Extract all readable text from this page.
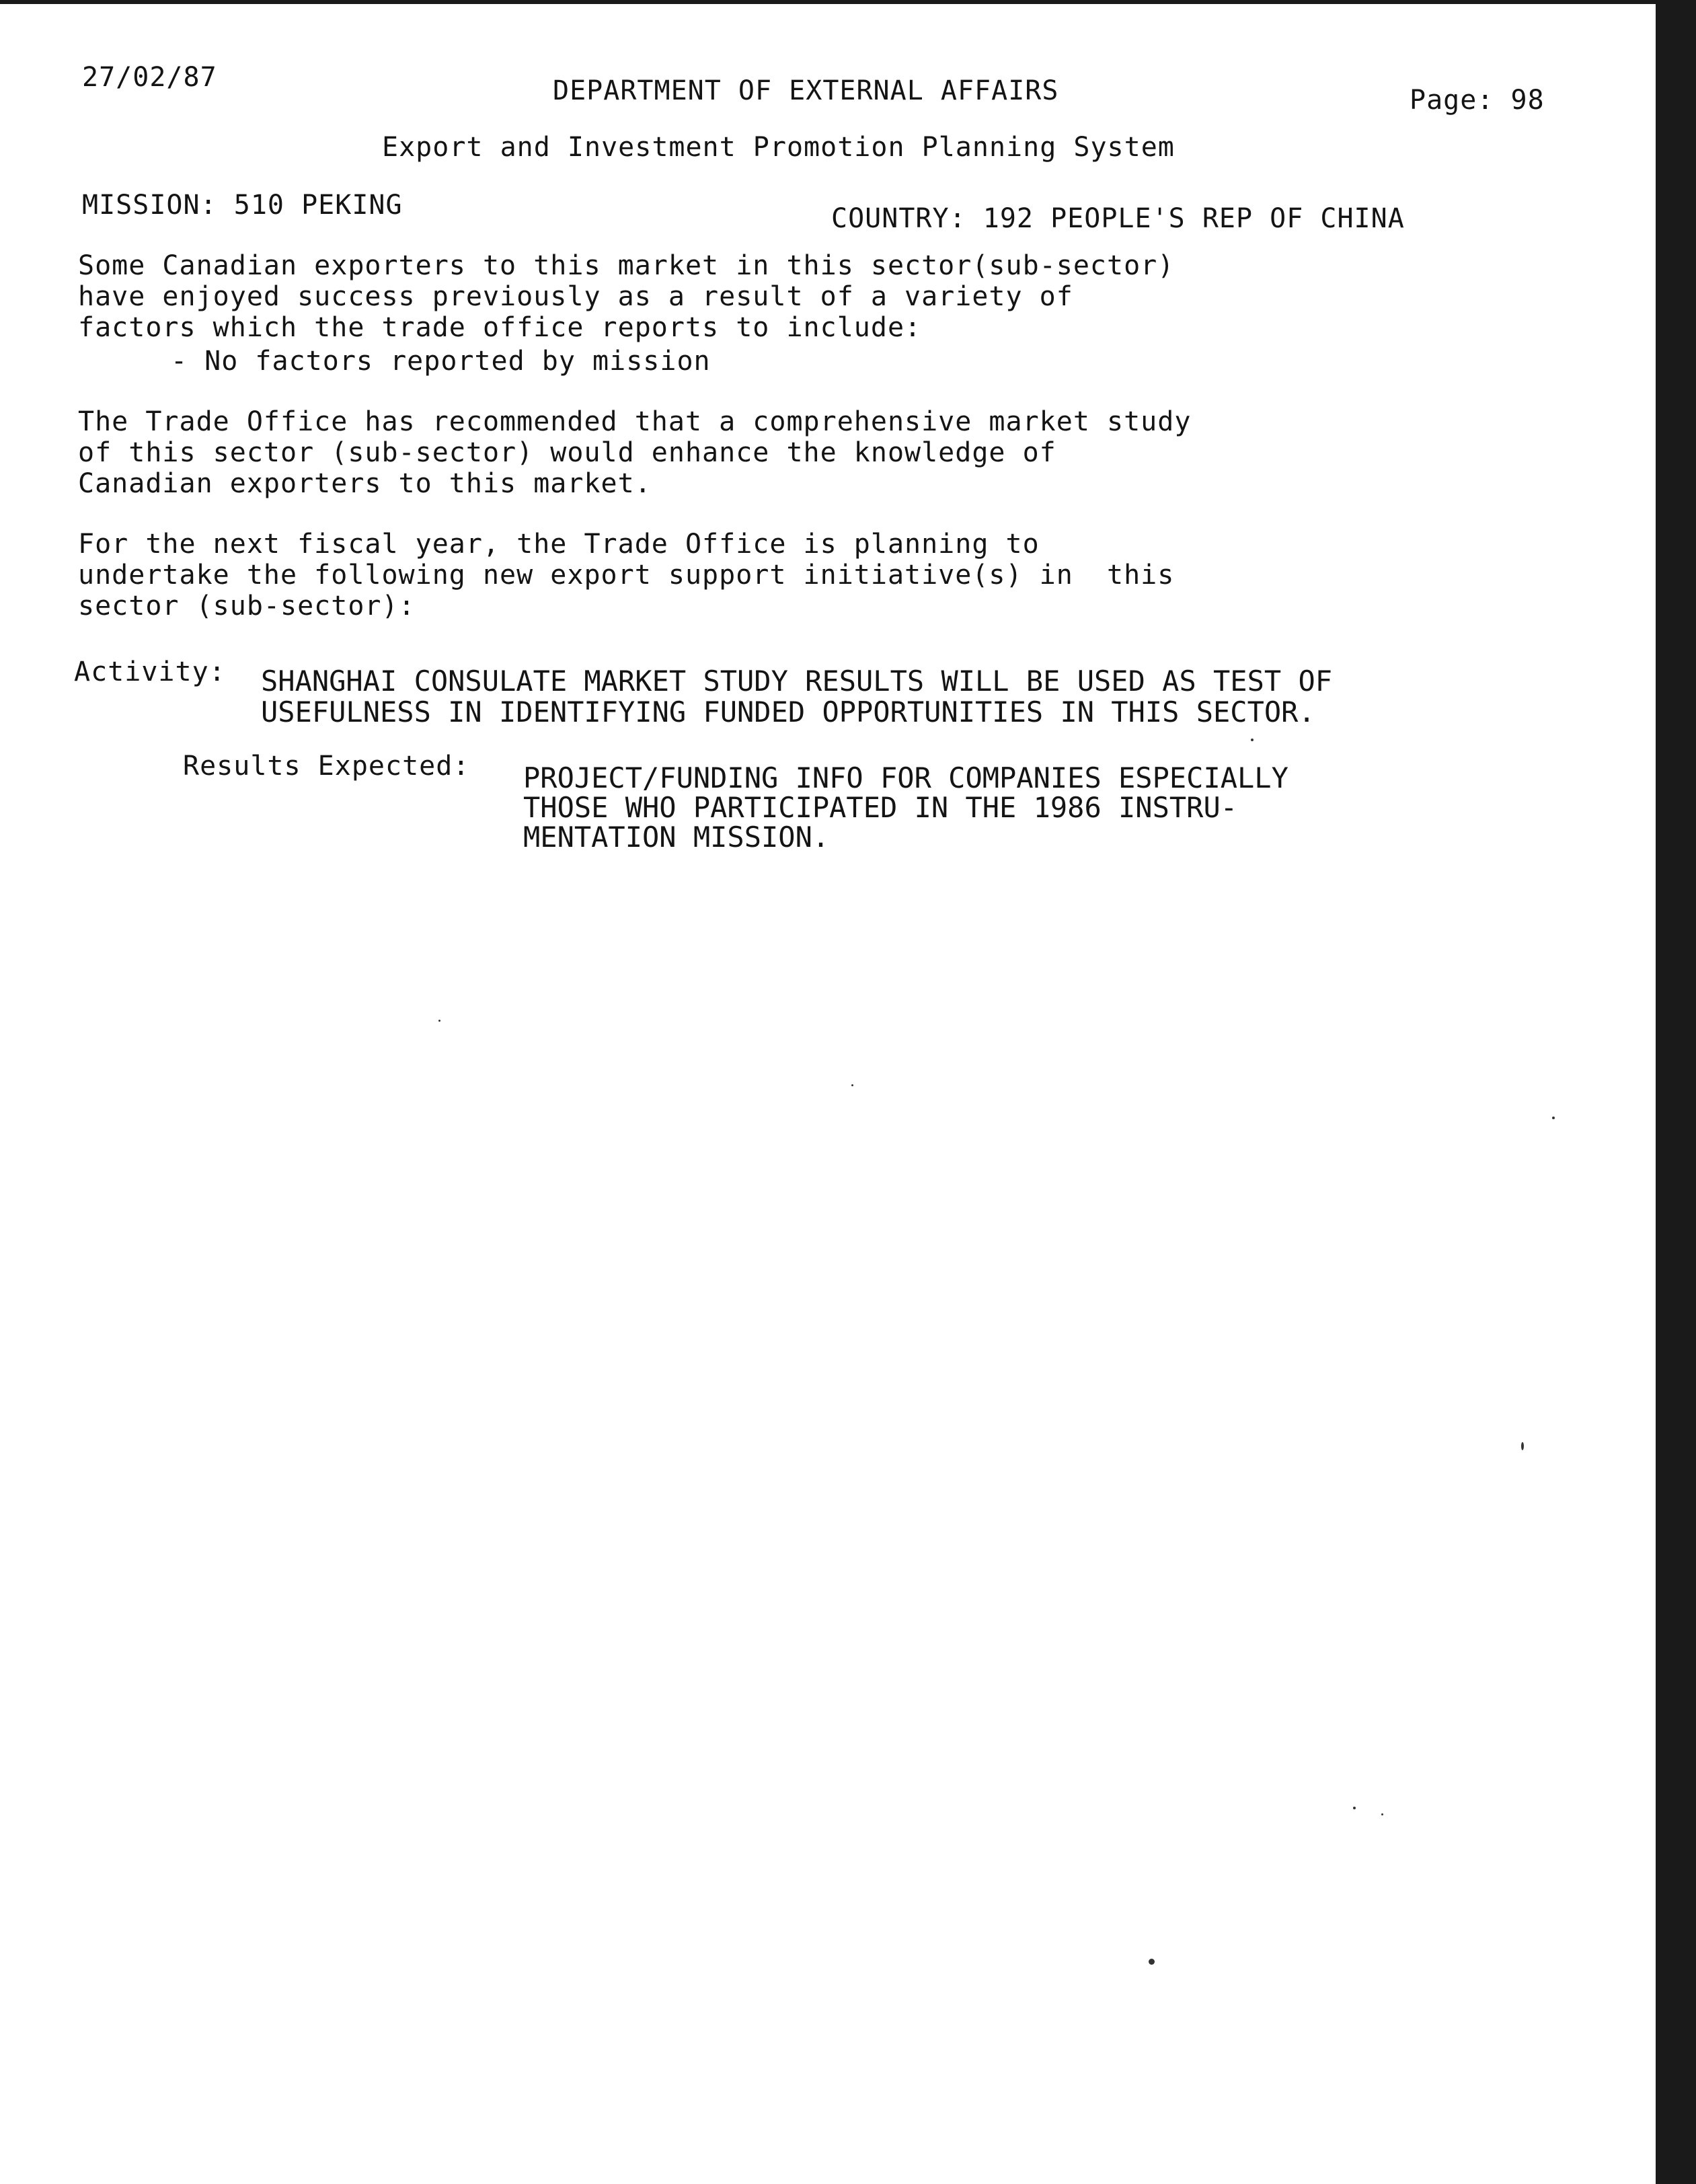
27/02/87	DEPARTMENT OF EXTERNAL AFFAIRS	Page: 98
Export and Investment Promotion Planning System
MISSION: 510 PEKING	COUNTRY: 192 PEOPLE'S REP OF CHINA
Some Canadian exporters to this market in this sector(sub-sector)
have enjoyed success previously as a result of a variety of
factors which the trade office reports to include:
- No factors reported by mission
The Trade Office has recommended that a comprehensive market study
of this sector (sub-sector) would enhance the knowledge of
Canadian exporters to this market.
For the next fiscal year, the Trade Office is planning to
undertake the following new export support initiative(s) in  this
sector (sub-sector):
Activity: SHANGHAI CONSULATE MARKET STUDY RESULTS WILL BE USED AS TEST OF
USEFULNESS IN IDENTIFYING FUNDED OPPORTUNITIES IN THIS SECTOR.
Results Expected: PROJECT/FUNDING INFO FOR COMPANIES ESPECIALLY
THOSE WHO PARTICIPATED IN THE 1986 INSTRU-
MENTATION MISSION.
